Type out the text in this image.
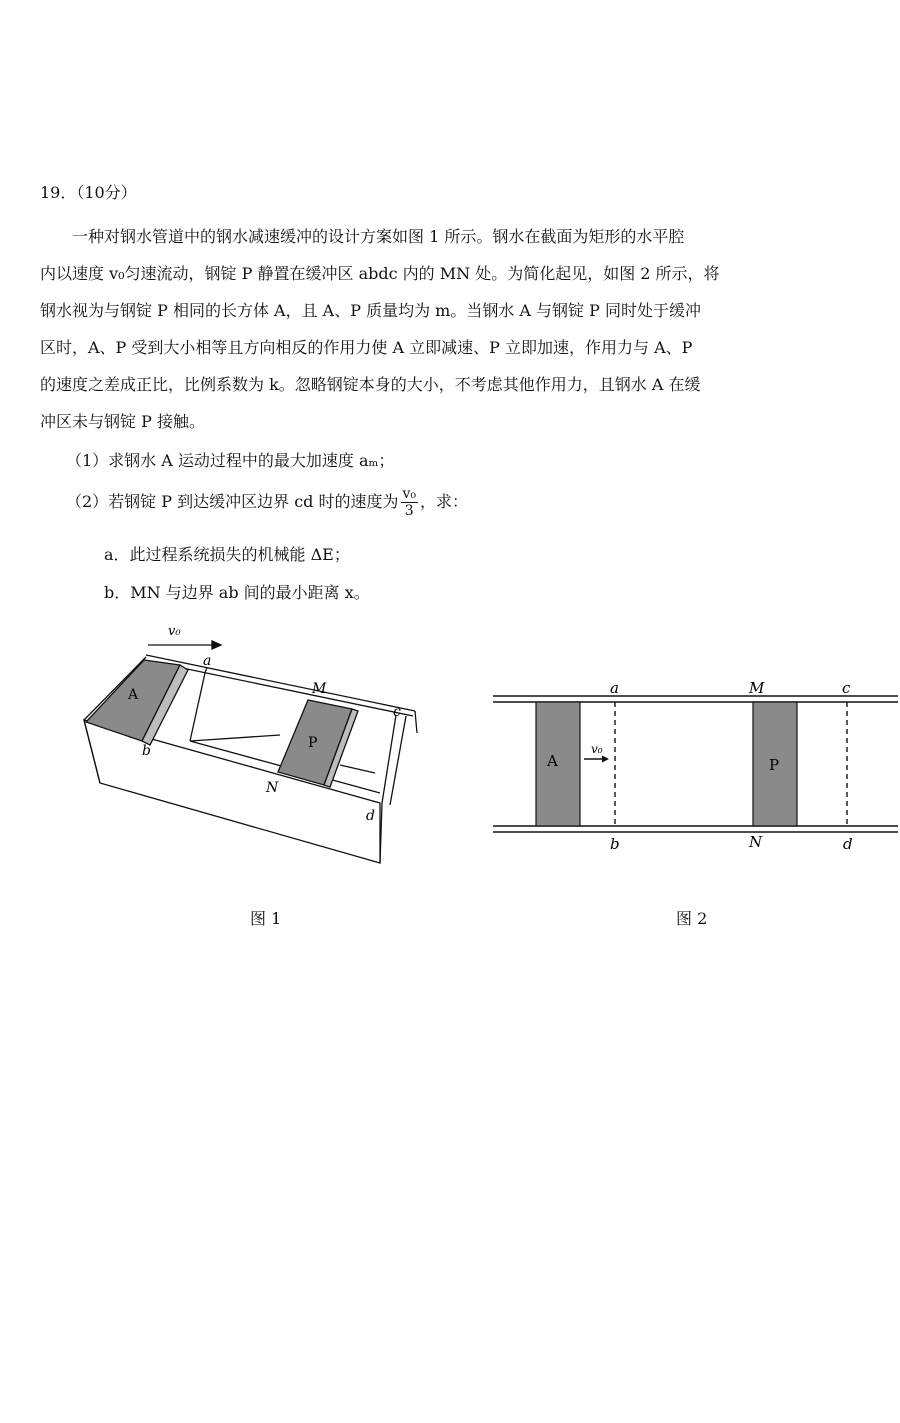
19．（10分）
一种对钢水管道中的钢水减速缓冲的设计方案如图 1 所示。钢水在截面为矩形的水平腔
内以速度 v₀匀速流动，钢锭 P 静置在缓冲区 abdc 内的 MN 处。为简化起见，如图 2 所示，将
钢水视为与钢锭 P 相同的长方体 A，且 A、P 质量均为 m。当钢水 A 与钢锭 P 同时处于缓冲
区时，A、P 受到大小相等且方向相反的作用力使 A 立即减速、P 立即加速，作用力与 A、P
的速度之差成正比，比例系数为 k。忽略钢锭本身的大小，不考虑其他作用力，且钢水 A 在缓
冲区未与钢锭 P 接触。
（1）求钢水 A 运动过程中的最大加速度 aₘ；
（2）若钢锭 P 到达缓冲区边界 cd 时的速度为 $\frac{\text{v₀}}{3}$ ，求：
a．此过程系统损失的机械能 ΔE；
b．MN 与边界 ab 间的最小距离 x。
v₀
a
b
M
N
c
d
A
P
a	M	c
b	N	d
A	P
v₀
图 1	图 2
